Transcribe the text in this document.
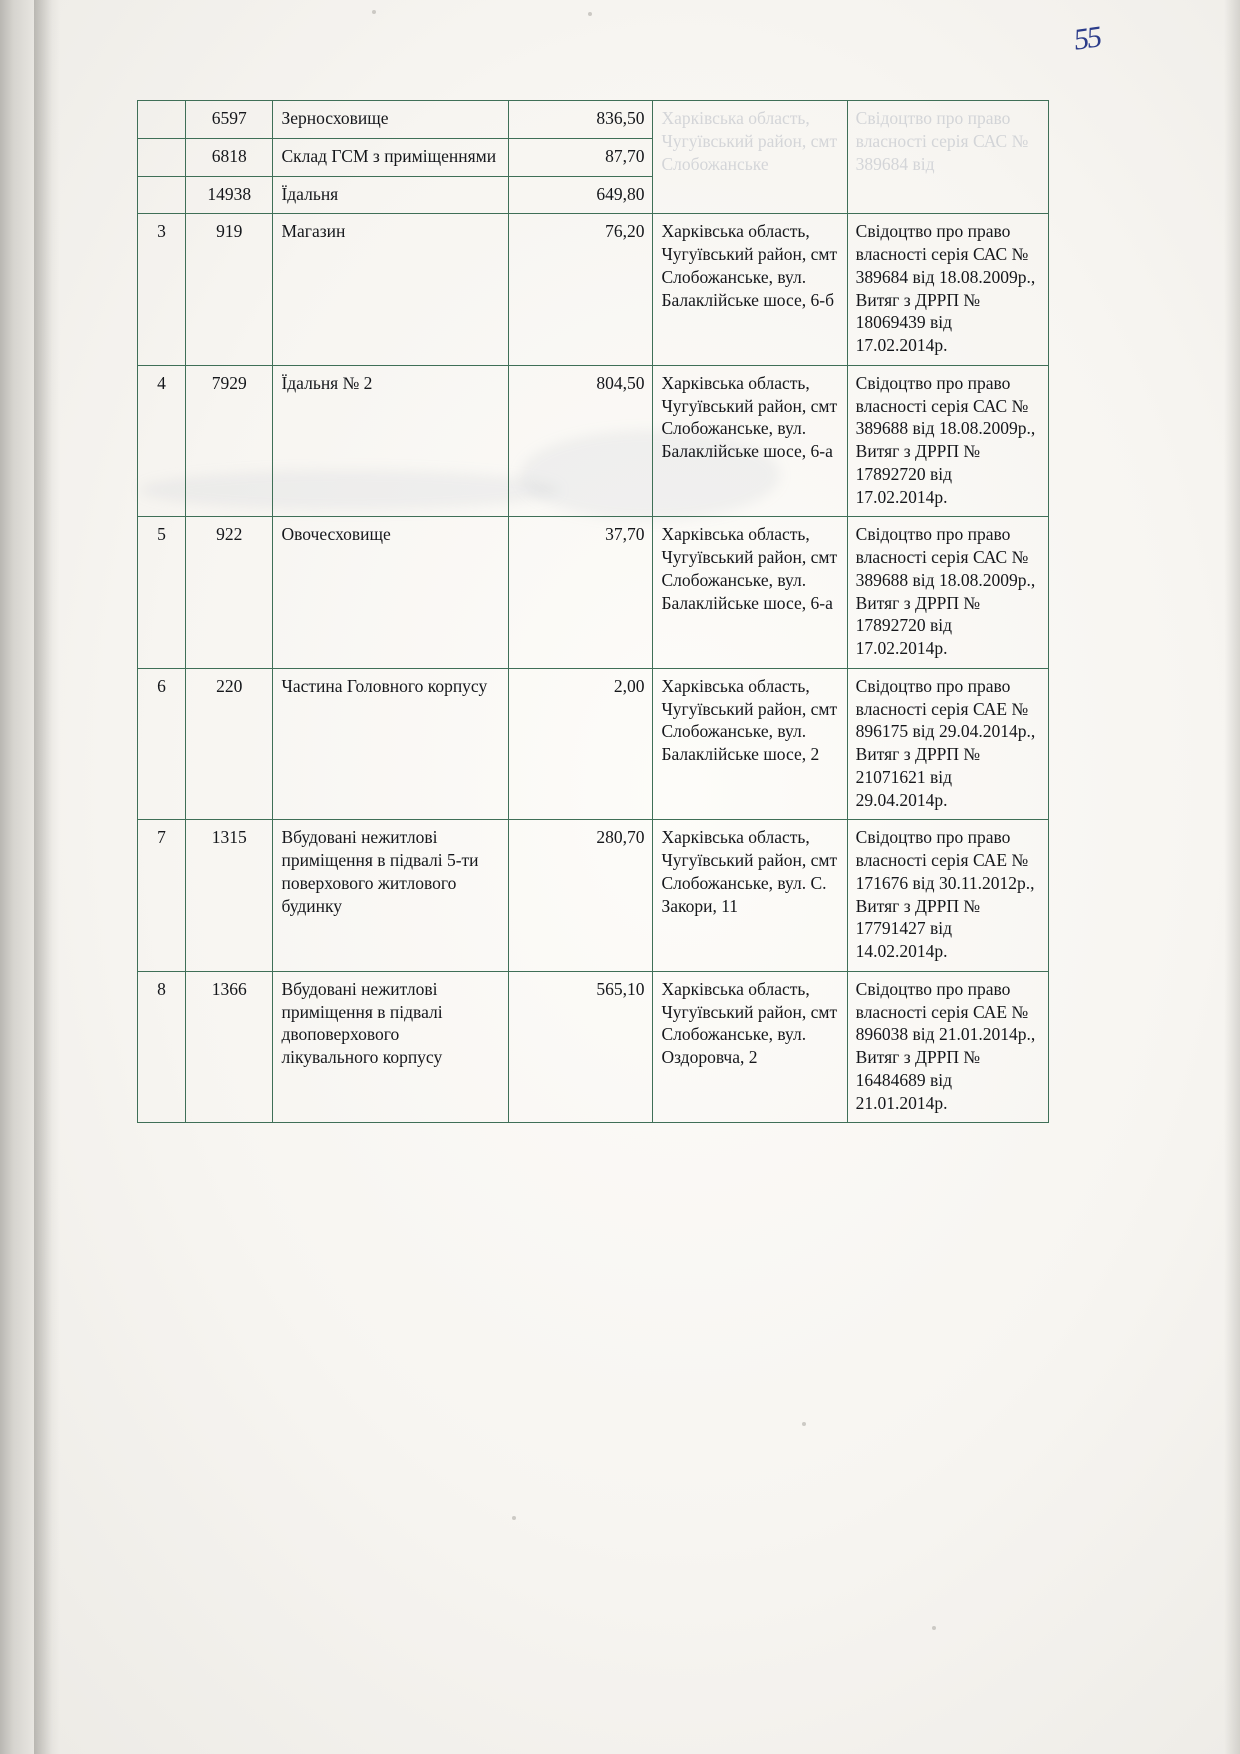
55
	6597	Зерносховище	836,50	Харківська область, Чугуївський район, смт Слобожанське	Свідоцтво про право власності серія САС № 389684 від
	6818	Склад ГСМ з приміщеннями	87,70		
	14938	Їдальня	649,80		
3	919	Магазин	76,20	Харківська область, Чугуївський район, смт Слобожанське, вул. Балаклійське шосе, 6-б	Свідоцтво про право власності серія САС № 389684 від 18.08.2009р., Витяг з ДРРП № 18069439 від 17.02.2014р.
4	7929	Їдальня № 2	804,50	Харківська область, Чугуївський район, смт Слобожанське, вул. Балаклійське шосе, 6-а	Свідоцтво про право власності серія САС № 389688 від 18.08.2009р., Витяг з ДРРП № 17892720 від 17.02.2014р.
5	922	Овочесховище	37,70	Харківська область, Чугуївський район, смт Слобожанське, вул. Балаклійське шосе, 6-а	Свідоцтво про право власності серія САС № 389688 від 18.08.2009р., Витяг з ДРРП № 17892720 від 17.02.2014р.
6	220	Частина Головного корпусу	2,00	Харківська область, Чугуївський район, смт Слобожанське, вул. Балаклійське шосе, 2	Свідоцтво про право власності серія САЕ № 896175 від 29.04.2014р., Витяг з ДРРП № 21071621 від 29.04.2014р.
7	1315	Вбудовані нежитлові приміщення в підвалі 5-ти поверхового житлового будинку	280,70	Харківська область, Чугуївський район, смт Слобожанське, вул. С. Закори, 11	Свідоцтво про право власності серія САЕ № 171676 від 30.11.2012р., Витяг з ДРРП № 17791427 від 14.02.2014р.
8	1366	Вбудовані нежитлові приміщення в підвалі двоповерхового лікувального корпусу	565,10	Харківська область, Чугуївський район, смт Слобожанське, вул. Оздоровча, 2	Свідоцтво про право власності серія САЕ № 896038 від 21.01.2014р., Витяг з ДРРП № 16484689 від 21.01.2014р.
